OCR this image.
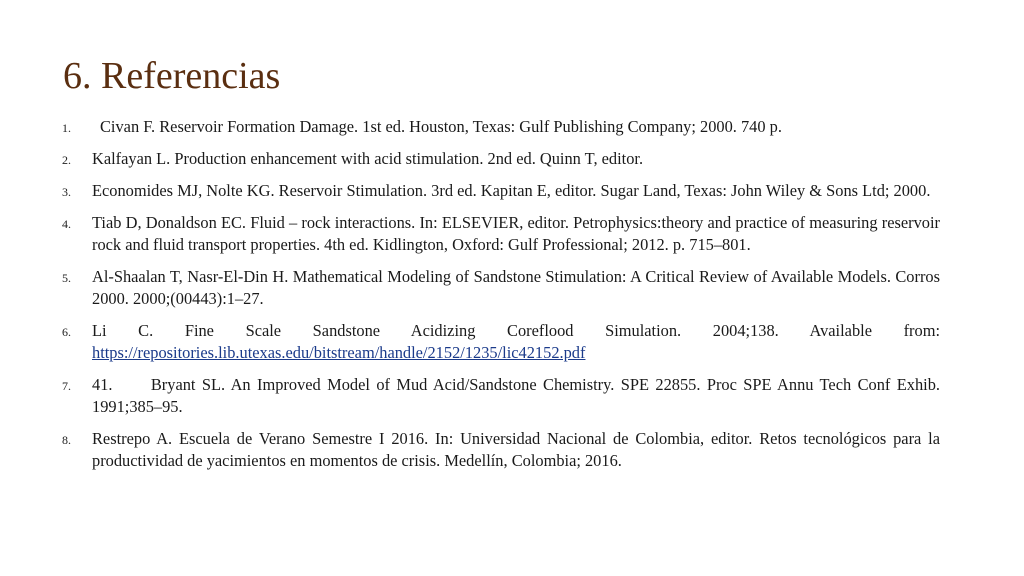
6. Referencias
1.	Civan F. Reservoir Formation Damage. 1st ed. Houston, Texas: Gulf Publishing Company; 2000. 740 p.
2.	Kalfayan L. Production enhancement with acid stimulation. 2nd ed. Quinn T, editor.
3.	Economides MJ, Nolte KG. Reservoir Stimulation. 3rd ed. Kapitan E, editor. Sugar Land, Texas: John Wiley & Sons Ltd; 2000.
4.	Tiab D, Donaldson EC. Fluid – rock interactions. In: ELSEVIER, editor. Petrophysics:theory and practice of measuring reservoir rock and fluid transport properties. 4th ed. Kidlington, Oxford: Gulf Professional; 2012. p. 715–801.
5.	Al-Shaalan T, Nasr-El-Din H. Mathematical Modeling of Sandstone Stimulation: A Critical Review of Available Models. Corros 2000. 2000;(00443):1–27.
6.	Li C. Fine Scale Sandstone Acidizing Coreflood Simulation. 2004;138. Available from: https://repositories.lib.utexas.edu/bitstream/handle/2152/1235/lic42152.pdf
7.	41.      Bryant SL. An Improved Model of Mud Acid/Sandstone Chemistry. SPE 22855. Proc SPE Annu Tech Conf Exhib. 1991;385–95.
8.	Restrepo A. Escuela de Verano Semestre I 2016. In: Universidad Nacional de Colombia, editor. Retos tecnológicos para la productividad de yacimientos en momentos de crisis. Medellín, Colombia; 2016.
